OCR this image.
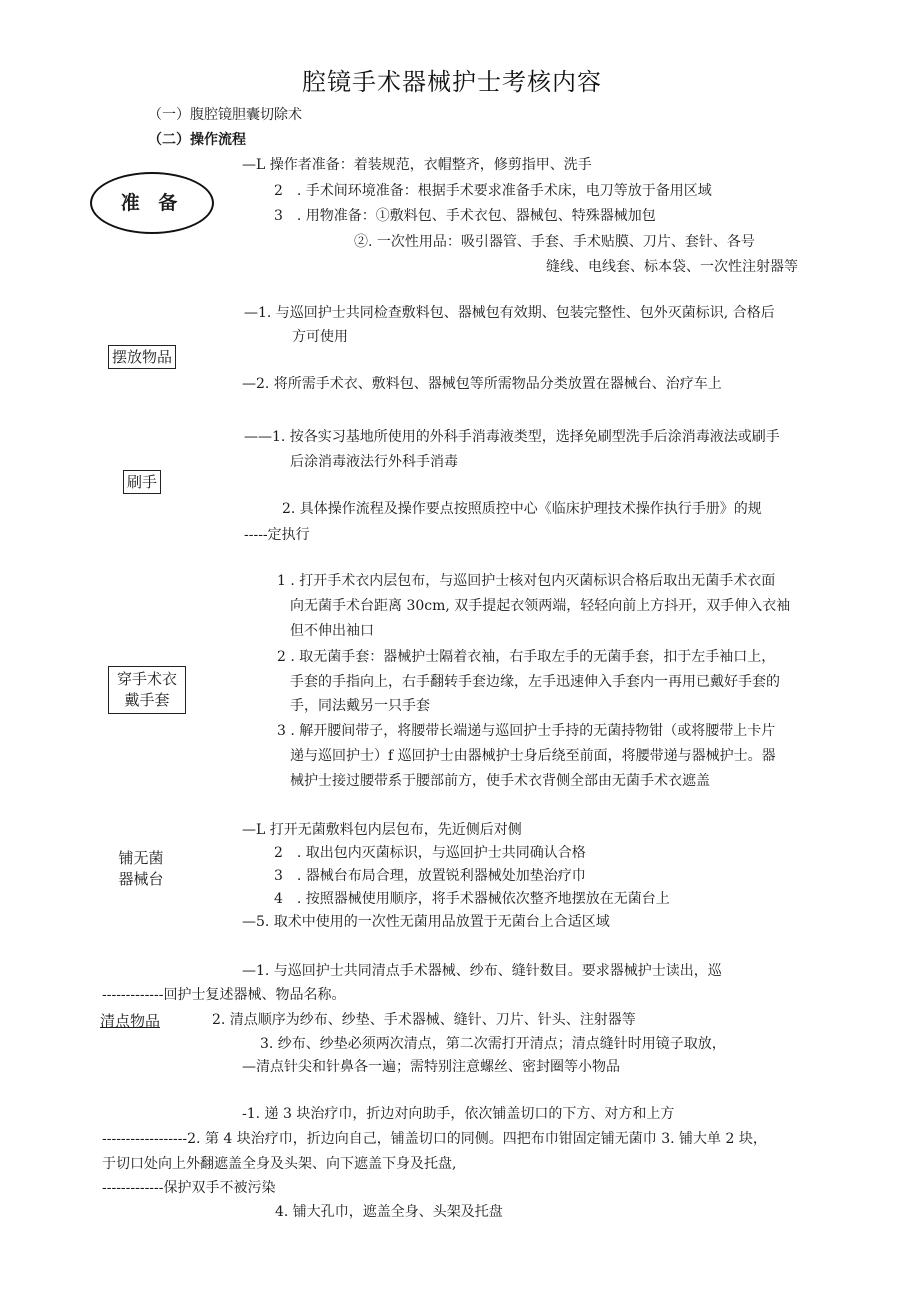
腔镜手术器械护士考核内容
（一）腹腔镜胆囊切除术
（二）操作流程
准 备
—L 操作者准备：着装规范，衣帽整齐，修剪指甲、洗手
2　. 手术间环境准备：根据手术要求准备手术床，电刀等放于备用区域
3　. 用物准备：①敷料包、手术衣包、器械包、特殊器械加包
②. 一次性用品：吸引器管、手套、手术贴膜、刀片、套针、各号
缝线、电线套、标本袋、一次性注射器等
摆放物品
—1. 与巡回护士共同检查敷料包、器械包有效期、包装完整性、包外灭菌标识, 合格后
方可使用
—2. 将所需手术衣、敷料包、器械包等所需物品分类放置在器械台、治疗车上
刷手
——1. 按各实习基地所使用的外科手消毒液类型，选择免刷型洗手后涂消毒液法或刷手
后涂消毒液法行外科手消毒
2. 具体操作流程及操作要点按照质控中心《临床护理技术操作执行手册》的规
-----定执行
穿手术衣
戴手套
1 . 打开手术衣内层包布，与巡回护士核对包内灭菌标识合格后取出无菌手术衣面
向无菌手术台距离 30cm, 双手提起衣领两端，轻轻向前上方抖开，双手伸入衣袖
但不伸出袖口
2 . 取无菌手套：器械护士隔着衣袖，右手取左手的无菌手套，扣于左手袖口上，
手套的手指向上，右手翻转手套边缘，左手迅速伸入手套内一再用已戴好手套的
手，同法戴另一只手套
3 . 解开腰间带子，将腰带长端递与巡回护士手持的无菌持物钳（或将腰带上卡片
递与巡回护士）f 巡回护士由器械护士身后绕至前面，将腰带递与器械护士。器
械护士接过腰带系于腰部前方，使手术衣背侧全部由无菌手术衣遮盖
铺无菌
器械台
—L 打开无菌敷料包内层包布，先近侧后对侧
2　. 取出包内灭菌标识，与巡回护士共同确认合格
3　. 器械台布局合理，放置锐利器械处加垫治疗巾
4　. 按照器械使用顺序，将手术器械依次整齐地摆放在无菌台上
—5. 取术中使用的一次性无菌用品放置于无菌台上合适区域
清点物品
—1. 与巡回护士共同清点手术器械、纱布、缝针数目。要求器械护士读出，巡
-------------回护士复述器械、物品名称。
2. 清点顺序为纱布、纱垫、手术器械、缝针、刀片、针头、注射器等
3. 纱布、纱垫必须两次清点，第二次需打开清点；清点缝针时用镜子取放，
—清点针尖和针鼻各一遍；需特别注意螺丝、密封圈等小物品
-1. 递 3 块治疗巾，折边对向助手，依次铺盖切口的下方、对方和上方
------------------2. 第 4 块治疗巾，折边向自己，铺盖切口的同侧。四把布巾钳固定铺无菌巾 3. 铺大单 2 块，
于切口处向上外翻遮盖全身及头架、向下遮盖下身及托盘,
-------------保护双手不被污染
4. 铺大孔巾，遮盖全身、头架及托盘
